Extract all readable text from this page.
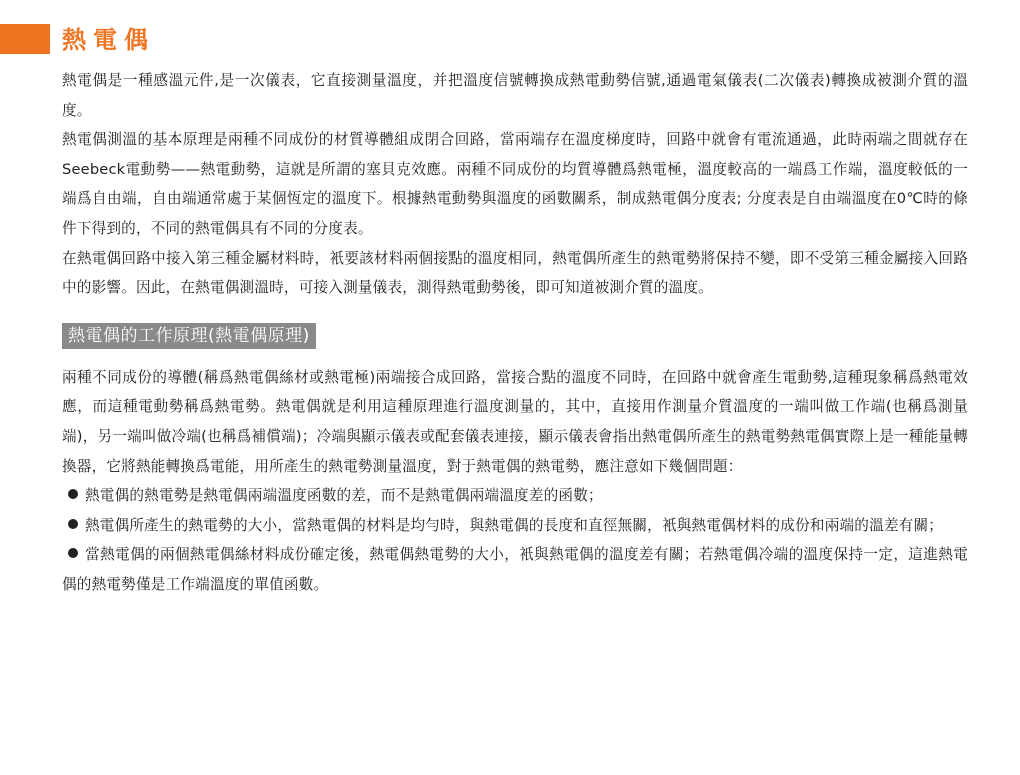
熱電偶

熱電偶是一種感溫元件,是一次儀表，它直接測量溫度，并把溫度信號轉換成熱電動勢信號,通過電氣儀表(二次儀表)轉換成被測介質的溫度。

熱電偶測溫的基本原理是兩種不同成份的材質導體組成閉合回路，當兩端存在溫度梯度時，回路中就會有電流通過，此時兩端之間就存在Seebeck電動勢——熱電動勢，這就是所謂的塞貝克效應。兩種不同成份的均質導體爲熱電極，溫度較高的一端爲工作端，溫度較低的一端爲自由端，自由端通常處于某個恆定的溫度下。根據熱電動勢與溫度的函數關系，制成熱電偶分度表; 分度表是自由端溫度在0℃時的條件下得到的，不同的熱電偶具有不同的分度表。

在熱電偶回路中接入第三種金屬材料時，衹要該材料兩個接點的溫度相同，熱電偶所產生的熱電勢將保持不變，即不受第三種金屬接入回路中的影響。因此，在熱電偶測溫時，可接入測量儀表，測得熱電動勢後，即可知道被測介質的溫度。

熱電偶的工作原理(熱電偶原理)

兩種不同成份的導體(稱爲熱電偶絲材或熱電極)兩端接合成回路，當接合點的溫度不同時，在回路中就會產生電動勢,這種現象稱爲熱電效應，而這種電動勢稱爲熱電勢。熱電偶就是利用這種原理進行溫度測量的，其中，直接用作測量介質溫度的一端叫做工作端(也稱爲測量端)，另一端叫做冷端(也稱爲補償端)；冷端與顯示儀表或配套儀表連接，顯示儀表會指出熱電偶所產生的熱電勢熱電偶實際上是一種能量轉換器，它將熱能轉換爲電能，用所產生的熱電勢測量溫度，對于熱電偶的熱電勢，應注意如下幾個問題：

熱電偶的熱電勢是熱電偶兩端溫度函數的差，而不是熱電偶兩端溫度差的函數；

熱電偶所產生的熱電勢的大小，當熱電偶的材料是均勻時，與熱電偶的長度和直徑無關，衹與熱電偶材料的成份和兩端的溫差有關；

當熱電偶的兩個熱電偶絲材料成份確定後，熱電偶熱電勢的大小，衹與熱電偶的溫度差有關；若熱電偶冷端的溫度保持一定，這進熱電偶的熱電勢僅是工作端溫度的單值函數。
